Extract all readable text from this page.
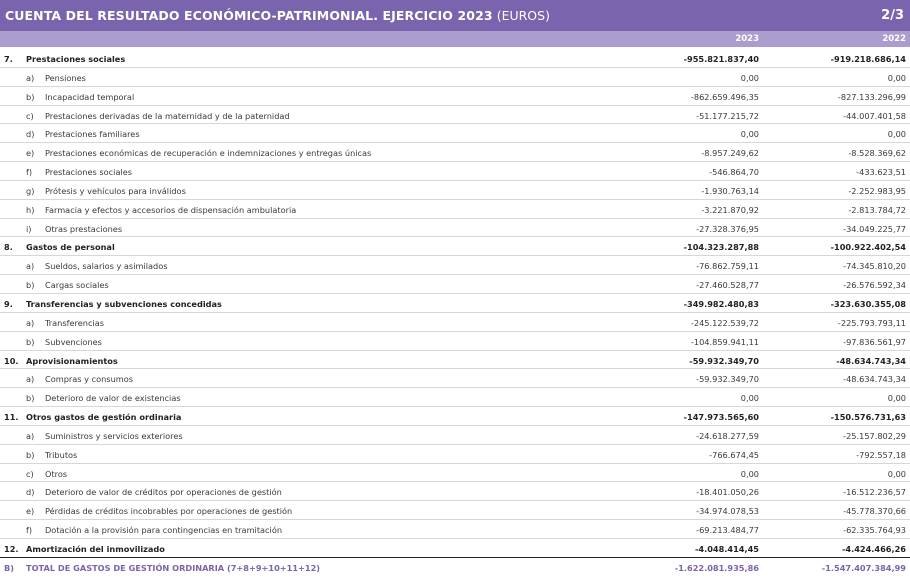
CUENTA DEL RESULTADO ECONÓMICO-PATRIMONIAL. EJERCICIO 2023 (EUROS)	2/3
2023	2022
7. Prestaciones sociales	-955.821.837,40	-919.218.686,14
a) Pensiones	0,00	0,00
b) Incapacidad temporal	-862.659.496,35	-827.133.296,99
c) Prestaciones derivadas de la maternidad y de la paternidad	-51.177.215,72	-44.007.401,58
d) Prestaciones familiares	0,00	0,00
e) Prestaciones económicas de recuperación e indemnizaciones y entregas únicas	-8.957.249,62	-8.528.369,62
f) Prestaciones sociales	-546.864,70	-433.623,51
g) Prótesis y vehículos para inválidos	-1.930.763,14	-2.252.983,95
h) Farmacia y efectos y accesorios de dispensación ambulatoria	-3.221.870,92	-2.813.784,72
i) Otras prestaciones	-27.328.376,95	-34.049.225,77
8. Gastos de personal	-104.323.287,88	-100.922.402,54
a) Sueldos, salarios y asimilados	-76.862.759,11	-74.345.810,20
b) Cargas sociales	-27.460.528,77	-26.576.592,34
9. Transferencias y subvenciones concedidas	-349.982.480,83	-323.630.355,08
a) Transferencias	-245.122.539,72	-225.793.793,11
b) Subvenciones	-104.859.941,11	-97.836.561,97
10. Aprovisionamientos	-59.932.349,70	-48.634.743,34
a) Compras y consumos	-59.932.349,70	-48.634.743,34
b) Deterioro de valor de existencias	0,00	0,00
11. Otros gastos de gestión ordinaria	-147.973.565,60	-150.576.731,63
a) Suministros y servicios exteriores	-24.618.277,59	-25.157.802,29
b) Tributos	-766.674,45	-792.557,18
c) Otros	0,00	0,00
d) Deterioro de valor de créditos por operaciones de gestión	-18.401.050,26	-16.512.236,57
e) Pérdidas de créditos incobrables por operaciones de gestión	-34.974.078,53	-45.778.370,66
f) Dotación a la provisión para contingencias en tramitación	-69.213.484,77	-62.335.764,93
12. Amortización del inmovilizado	-4.048.414,45	-4.424.466,26
B) TOTAL DE GASTOS DE GESTIÓN ORDINARIA (7+8+9+10+11+12)	-1.622.081.935,86	-1.547.407.384,99
